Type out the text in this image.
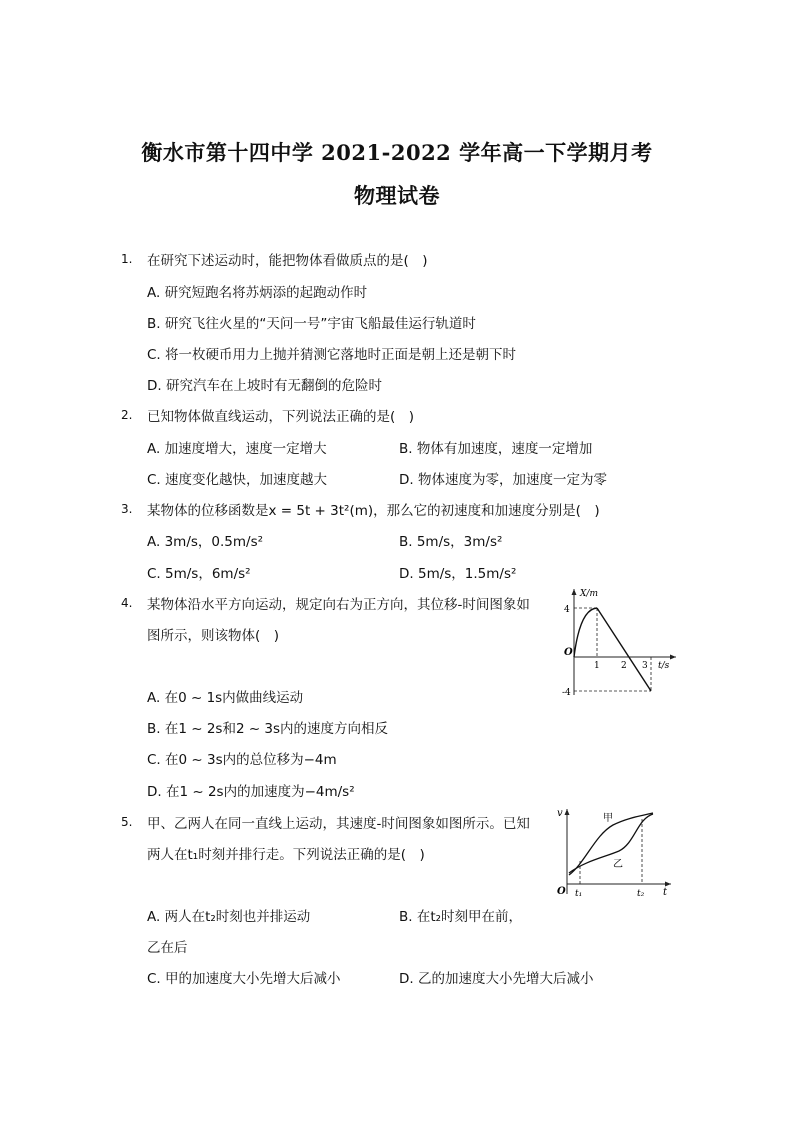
衡水市第十四中学 2021-2022 学年高一下学期月考
物理试卷
1. 在研究下述运动时，能把物体看做质点的是(　)
A. 研究短跑名将苏炳添的起跑动作时
B. 研究飞往火星的“天问一号”宇宙飞船最佳运行轨道时
C. 将一枚硬币用力上抛并猜测它落地时正面是朝上还是朝下时
D. 研究汽车在上坡时有无翻倒的危险时
2. 已知物体做直线运动，下列说法正确的是(　)
A. 加速度增大，速度一定增大	B. 物体有加速度，速度一定增加
C. 速度变化越快，加速度越大	D. 物体速度为零，加速度一定为零
3. 某物体的位移函数是x = 5t + 3t²(m)，那么它的初速度和加速度分别是(　)
A. 3m/s，0.5m/s²	B. 5m/s，3m/s²
C. 5m/s，6m/s²	D. 5m/s，1.5m/s²
4. 某物体沿水平方向运动，规定向右为正方向，其位移-时间图象如
图所示，则该物体(　)
X/m
t/s
O
4
-4
1 2 3
A. 在0 ~ 1s内做曲线运动
B. 在1 ~ 2s和2 ~ 3s内的速度方向相反
C. 在0 ~ 3s内的总位移为−4m
D. 在1 ~ 2s内的加速度为−4m/s²
5. 甲、乙两人在同一直线上运动，其速度-时间图象如图所示。已知
两人在t₁时刻并排行走。下列说法正确的是(　)
v
t
O t₁	t₂
甲
乙
A. 两人在t₂时刻也并排运动	B. 在t₂时刻甲在前，
乙在后
C. 甲的加速度大小先增大后减小	D. 乙的加速度大小先增大后减小
